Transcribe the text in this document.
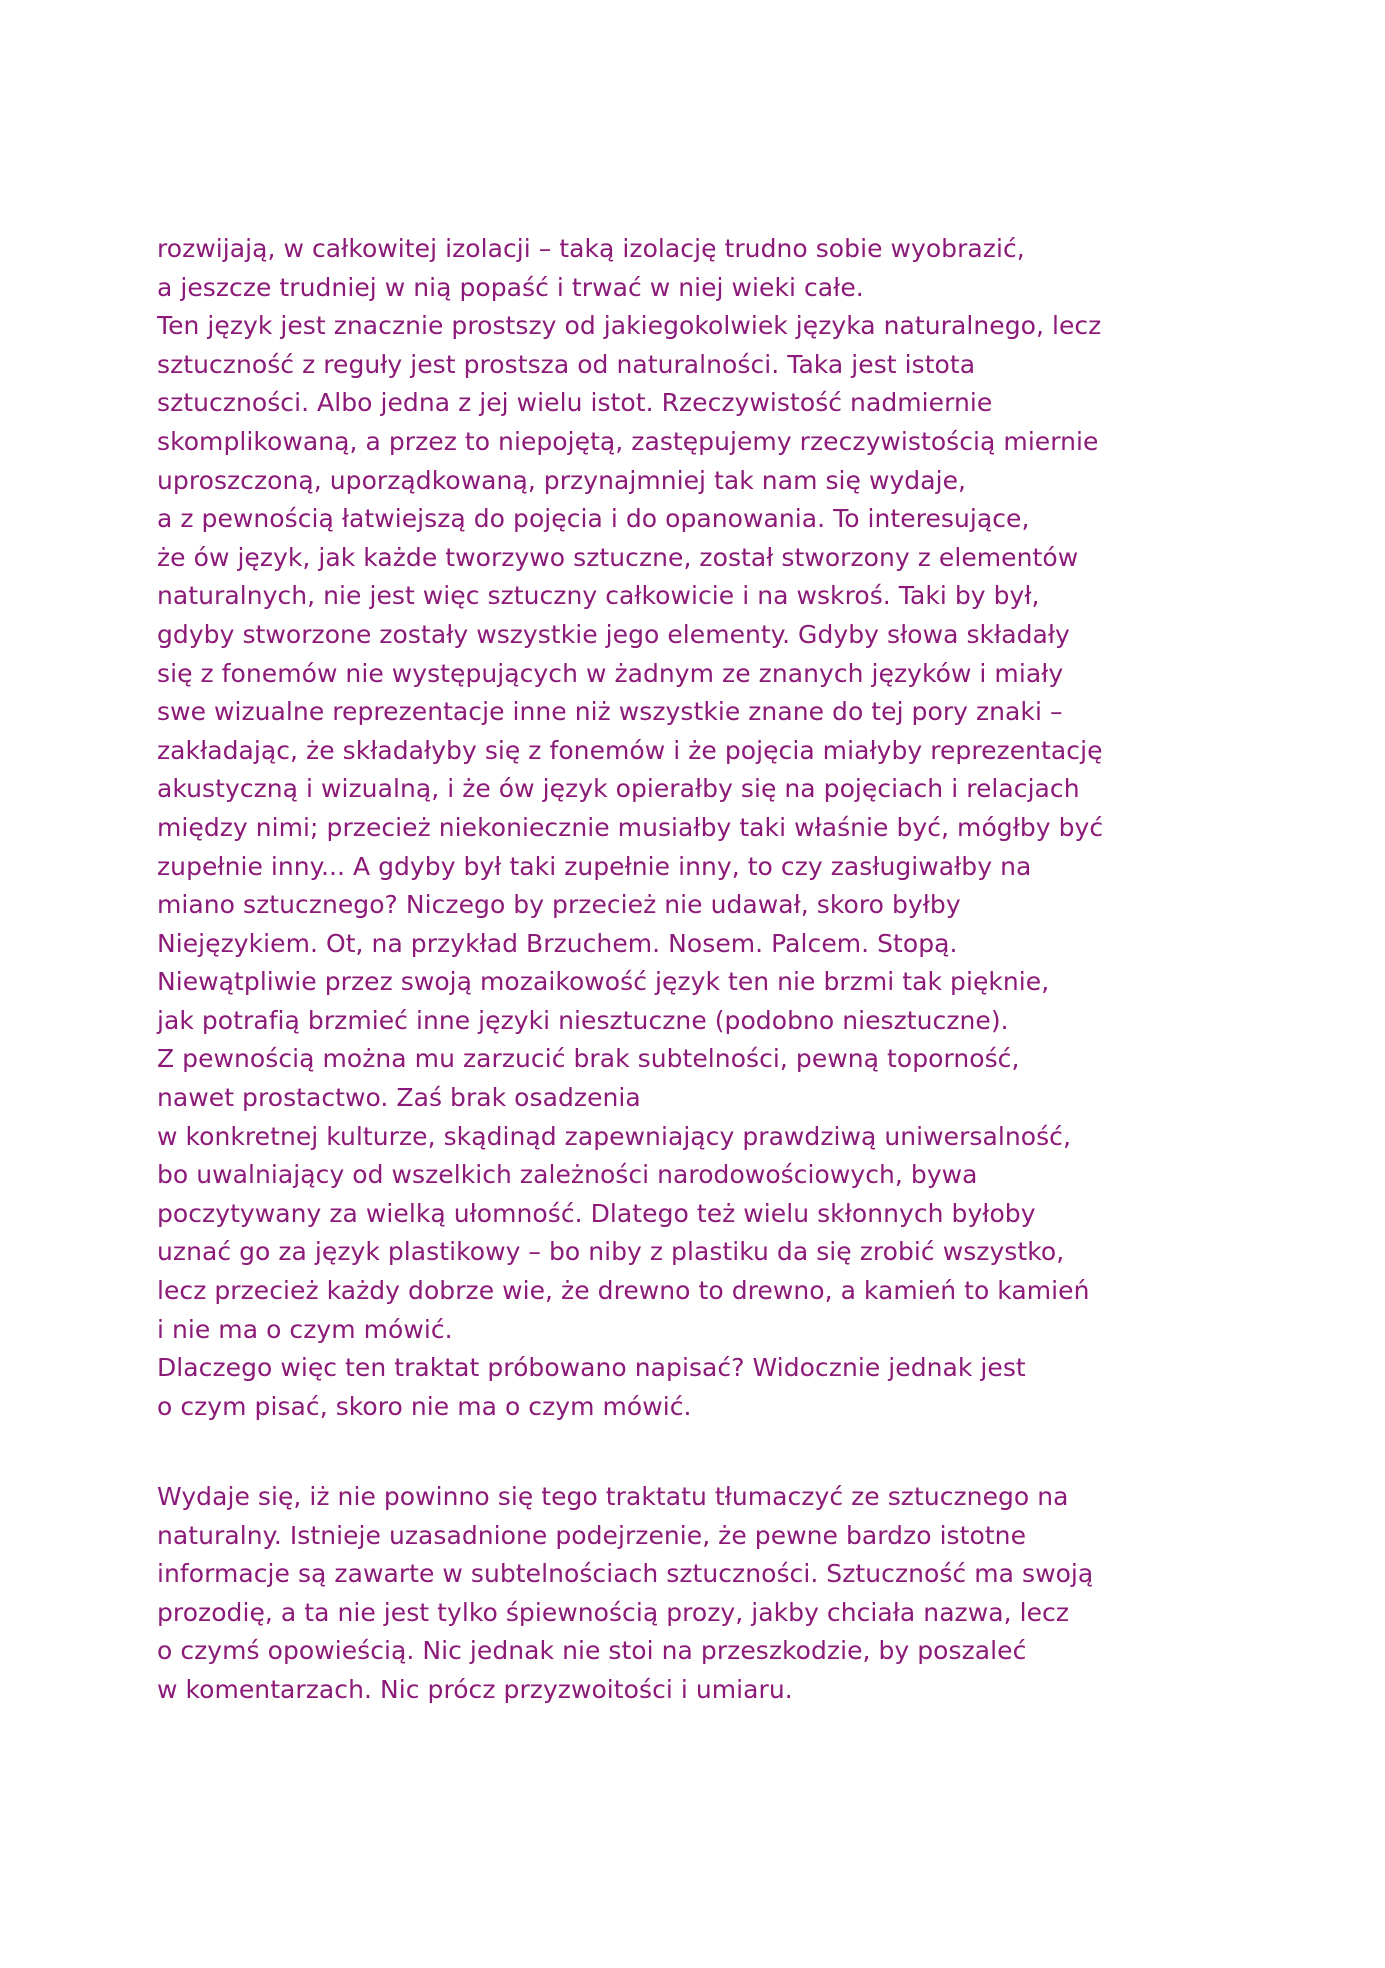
rozwijają, w całkowitej izolacji – taką izolację trudno sobie wyobrazić,
a jeszcze trudniej w nią popaść i trwać w niej wieki całe.
Ten język jest znacznie prostszy od jakiegokolwiek języka naturalnego, lecz
sztuczność z reguły jest prostsza od naturalności. Taka jest istota
sztuczności. Albo jedna z jej wielu istot. Rzeczywistość nadmiernie
skomplikowaną, a przez to niepojętą, zastępujemy rzeczywistością miernie
uproszczoną, uporządkowaną, przynajmniej tak nam się wydaje,
a z pewnością łatwiejszą do pojęcia i do opanowania. To interesujące,
że ów język, jak każde tworzywo sztuczne, został stworzony z elementów
naturalnych, nie jest więc sztuczny całkowicie i na wskroś. Taki by był,
gdyby stworzone zostały wszystkie jego elementy. Gdyby słowa składały
się z fonemów nie występujących w żadnym ze znanych języków i miały
swe wizualne reprezentacje inne niż wszystkie znane do tej pory znaki –
zakładając, że składałyby się z fonemów i że pojęcia miałyby reprezentację
akustyczną i wizualną, i że ów język opierałby się na pojęciach i relacjach
między nimi; przecież niekoniecznie musiałby taki właśnie być, mógłby być
zupełnie inny... A gdyby był taki zupełnie inny, to czy zasługiwałby na
miano sztucznego? Niczego by przecież nie udawał, skoro byłby
Niejęzykiem. Ot, na przykład Brzuchem. Nosem. Palcem. Stopą.
Niewątpliwie przez swoją mozaikowość język ten nie brzmi tak pięknie,
jak potrafią brzmieć inne języki niesztuczne (podobno niesztuczne).
Z pewnością można mu zarzucić brak subtelności, pewną toporność,
nawet prostactwo. Zaś brak osadzenia
w konkretnej kulturze, skądinąd zapewniający prawdziwą uniwersalność,
bo uwalniający od wszelkich zależności narodowościowych, bywa
poczytywany za wielką ułomność. Dlatego też wielu skłonnych byłoby
uznać go za język plastikowy – bo niby z plastiku da się zrobić wszystko,
lecz przecież każdy dobrze wie, że drewno to drewno, a kamień to kamień
i nie ma o czym mówić.
Dlaczego więc ten traktat próbowano napisać? Widocznie jednak jest
o czym pisać, skoro nie ma o czym mówić.
Wydaje się, iż nie powinno się tego traktatu tłumaczyć ze sztucznego na
naturalny. Istnieje uzasadnione podejrzenie, że pewne bardzo istotne
informacje są zawarte w subtelnościach sztuczności. Sztuczność ma swoją
prozodię, a ta nie jest tylko śpiewnością prozy, jakby chciała nazwa, lecz
o czymś opowieścią. Nic jednak nie stoi na przeszkodzie, by poszaleć
w komentarzach. Nic prócz przyzwoitości i umiaru.
